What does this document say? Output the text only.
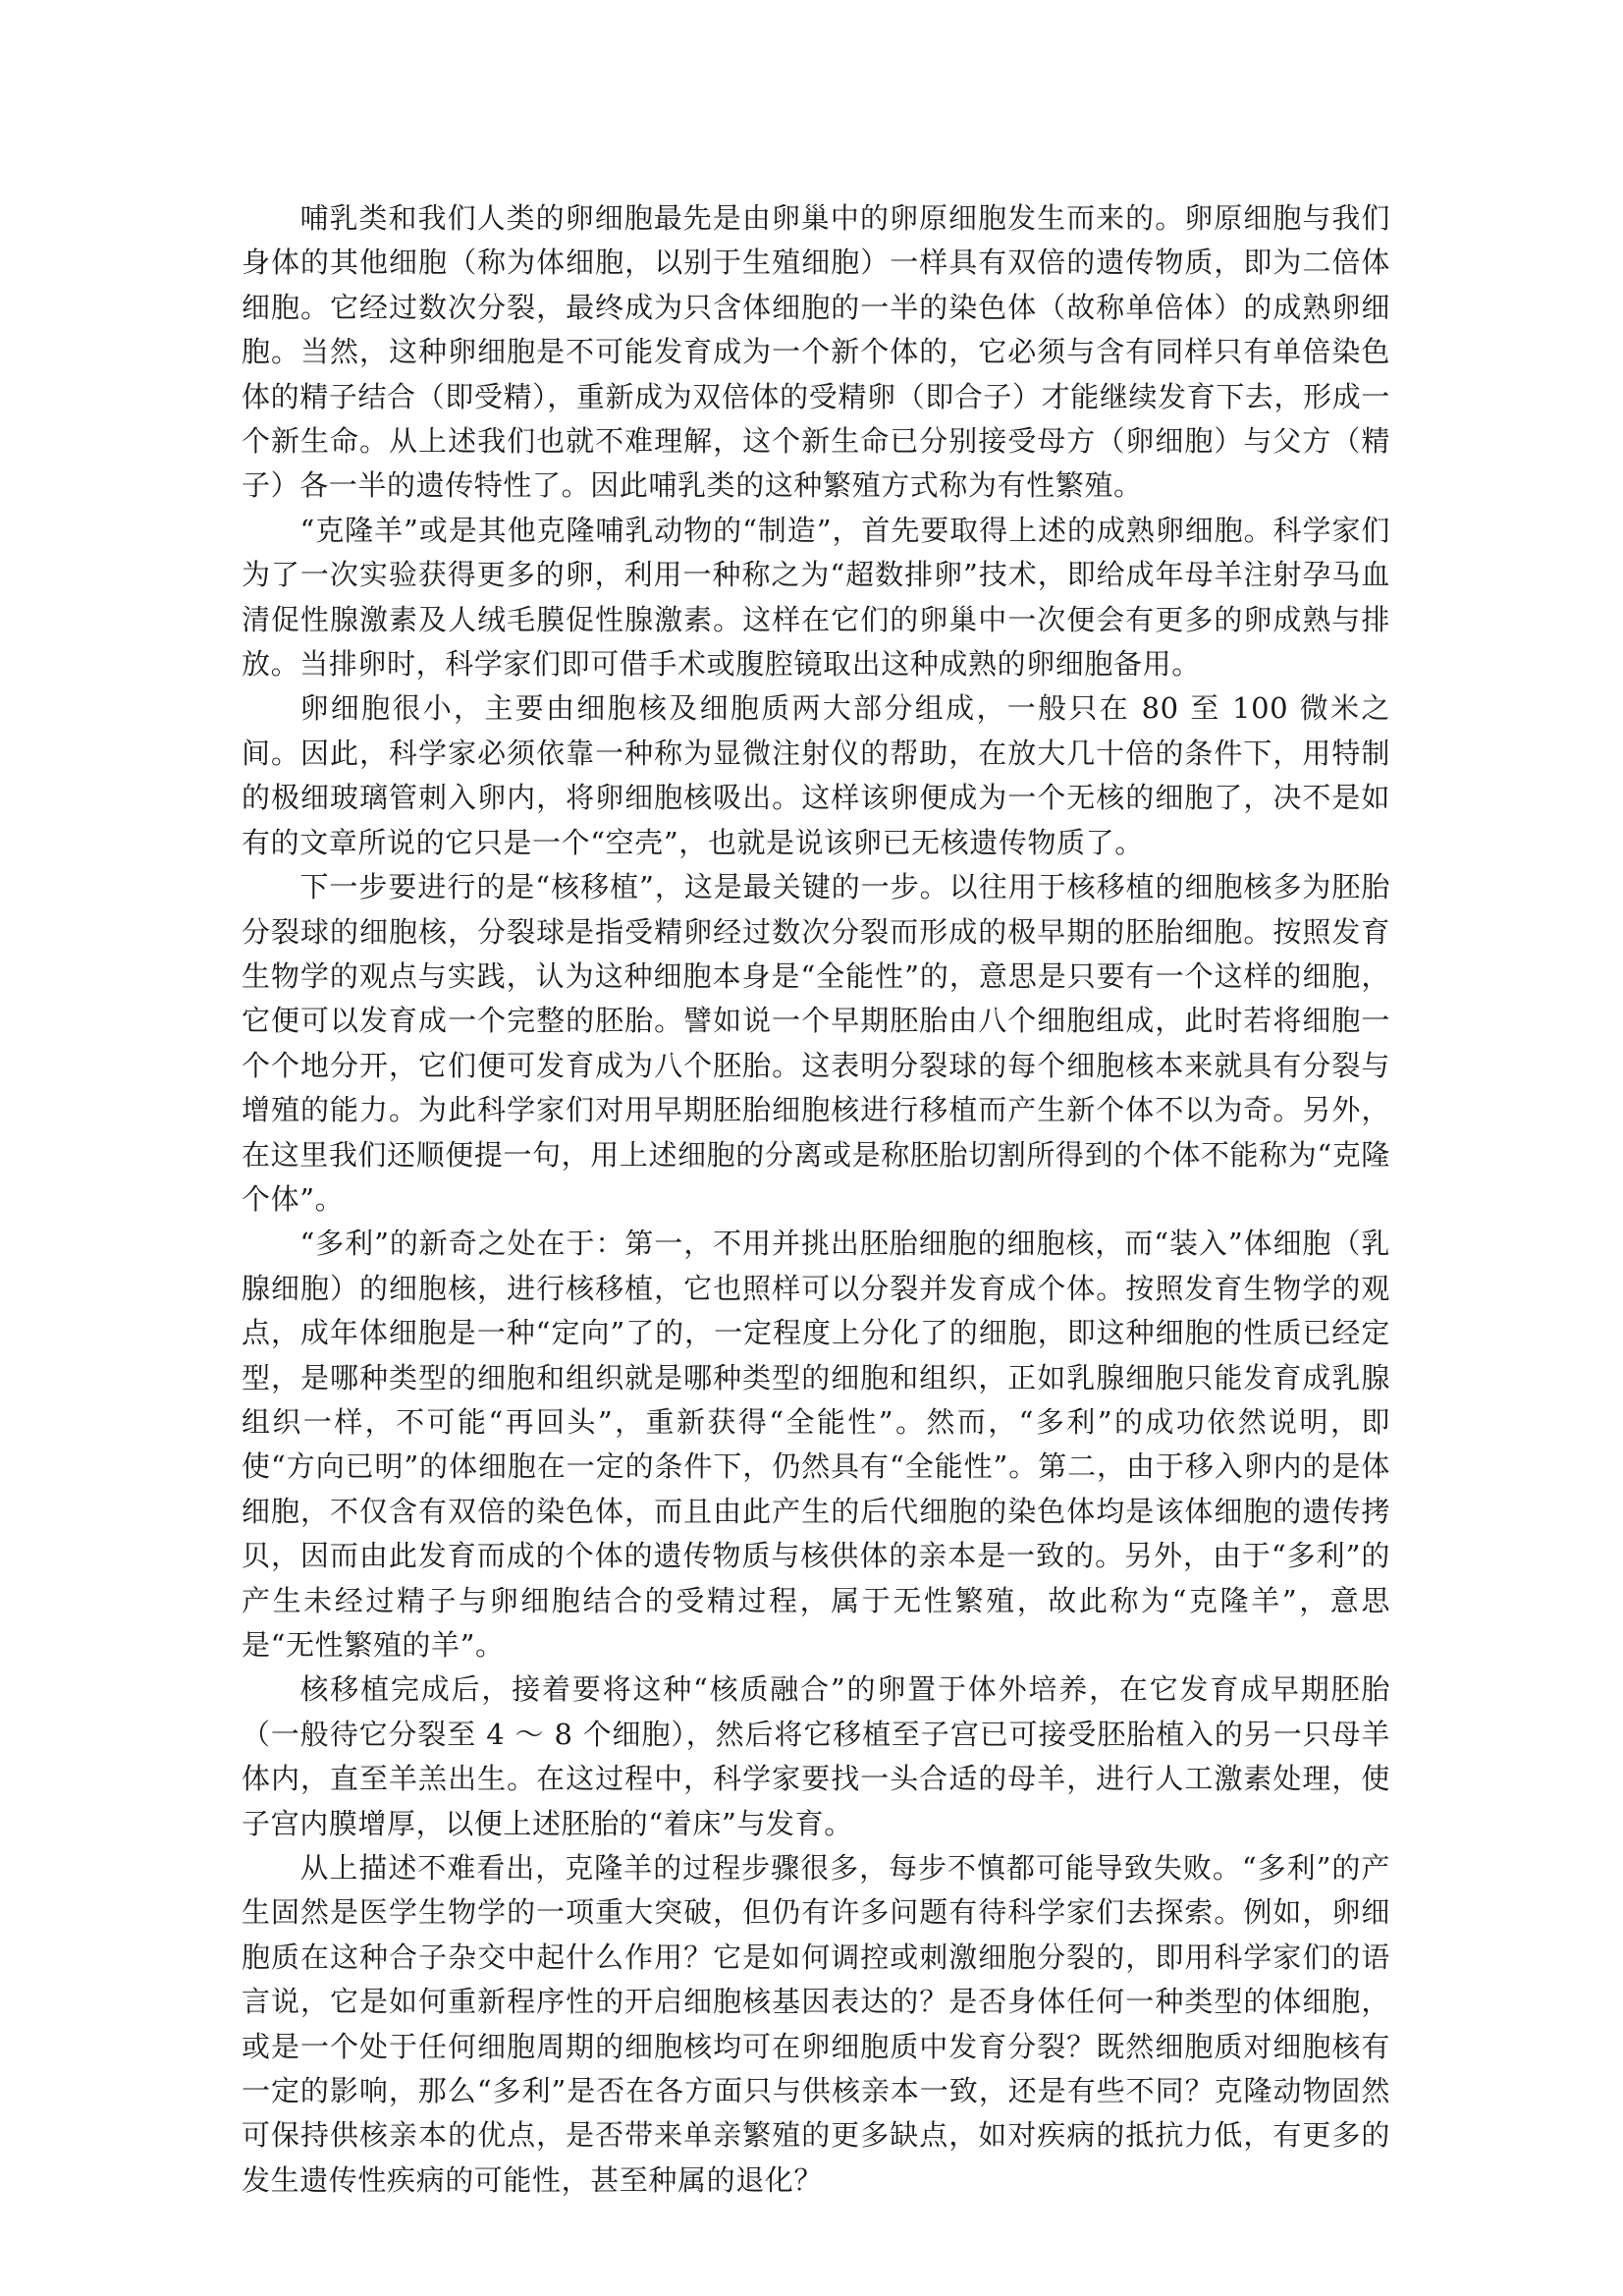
哺乳类和我们人类的卵细胞最先是由卵巢中的卵原细胞发生而来的。卵原细胞与我们身体的其他细胞（称为体细胞，以别于生殖细胞）一样具有双倍的遗传物质，即为二倍体细胞。它经过数次分裂，最终成为只含体细胞的一半的染色体（故称单倍体）的成熟卵细胞。当然，这种卵细胞是不可能发育成为一个新个体的，它必须与含有同样只有单倍染色体的精子结合（即受精），重新成为双倍体的受精卵（即合子）才能继续发育下去，形成一个新生命。从上述我们也就不难理解，这个新生命已分别接受母方（卵细胞）与父方（精子）各一半的遗传特性了。因此哺乳类的这种繁殖方式称为有性繁殖。

“克隆羊”或是其他克隆哺乳动物的“制造”，首先要取得上述的成熟卵细胞。科学家们为了一次实验获得更多的卵，利用一种称之为“超数排卵”技术，即给成年母羊注射孕马血清促性腺激素及人绒毛膜促性腺激素。这样在它们的卵巢中一次便会有更多的卵成熟与排放。当排卵时，科学家们即可借手术或腹腔镜取出这种成熟的卵细胞备用。

卵细胞很小，主要由细胞核及细胞质两大部分组成，一般只在 80 至 100 微米之间。因此，科学家必须依靠一种称为显微注射仪的帮助，在放大几十倍的条件下，用特制的极细玻璃管刺入卵内，将卵细胞核吸出。这样该卵便成为一个无核的细胞了，决不是如有的文章所说的它只是一个“空壳”，也就是说该卵已无核遗传物质了。

下一步要进行的是“核移植”，这是最关键的一步。以往用于核移植的细胞核多为胚胎分裂球的细胞核，分裂球是指受精卵经过数次分裂而形成的极早期的胚胎细胞。按照发育生物学的观点与实践，认为这种细胞本身是“全能性”的，意思是只要有一个这样的细胞，它便可以发育成一个完整的胚胎。譬如说一个早期胚胎由八个细胞组成，此时若将细胞一个个地分开，它们便可发育成为八个胚胎。这表明分裂球的每个细胞核本来就具有分裂与增殖的能力。为此科学家们对用早期胚胎细胞核进行移植而产生新个体不以为奇。另外，在这里我们还顺便提一句，用上述细胞的分离或是称胚胎切割所得到的个体不能称为“克隆个体”。

“多利”的新奇之处在于：第一，不用并挑出胚胎细胞的细胞核，而“装入”体细胞（乳腺细胞）的细胞核，进行核移植，它也照样可以分裂并发育成个体。按照发育生物学的观点，成年体细胞是一种“定向”了的，一定程度上分化了的细胞，即这种细胞的性质已经定型，是哪种类型的细胞和组织就是哪种类型的细胞和组织，正如乳腺细胞只能发育成乳腺组织一样，不可能“再回头”，重新获得“全能性”。然而，“多利”的成功依然说明，即使“方向已明”的体细胞在一定的条件下，仍然具有“全能性”。第二，由于移入卵内的是体细胞，不仅含有双倍的染色体，而且由此产生的后代细胞的染色体均是该体细胞的遗传拷贝，因而由此发育而成的个体的遗传物质与核供体的亲本是一致的。另外，由于“多利”的产生未经过精子与卵细胞结合的受精过程，属于无性繁殖，故此称为“克隆羊”，意思是“无性繁殖的羊”。

核移植完成后，接着要将这种“核质融合”的卵置于体外培养，在它发育成早期胚胎（一般待它分裂至 4 ～ 8 个细胞），然后将它移植至子宫已可接受胚胎植入的另一只母羊体内，直至羊羔出生。在这过程中，科学家要找一头合适的母羊，进行人工激素处理，使子宫内膜增厚，以便上述胚胎的“着床”与发育。

从上描述不难看出，克隆羊的过程步骤很多，每步不慎都可能导致失败。“多利”的产生固然是医学生物学的一项重大突破，但仍有许多问题有待科学家们去探索。例如，卵细胞质在这种合子杂交中起什么作用？它是如何调控或刺激细胞分裂的，即用科学家们的语言说，它是如何重新程序性的开启细胞核基因表达的？是否身体任何一种类型的体细胞，或是一个处于任何细胞周期的细胞核均可在卵细胞质中发育分裂？既然细胞质对细胞核有一定的影响，那么“多利”是否在各方面只与供核亲本一致，还是有些不同？克隆动物固然可保持供核亲本的优点，是否带来单亲繁殖的更多缺点，如对疾病的抵抗力低，有更多的发生遗传性疾病的可能性，甚至种属的退化？
